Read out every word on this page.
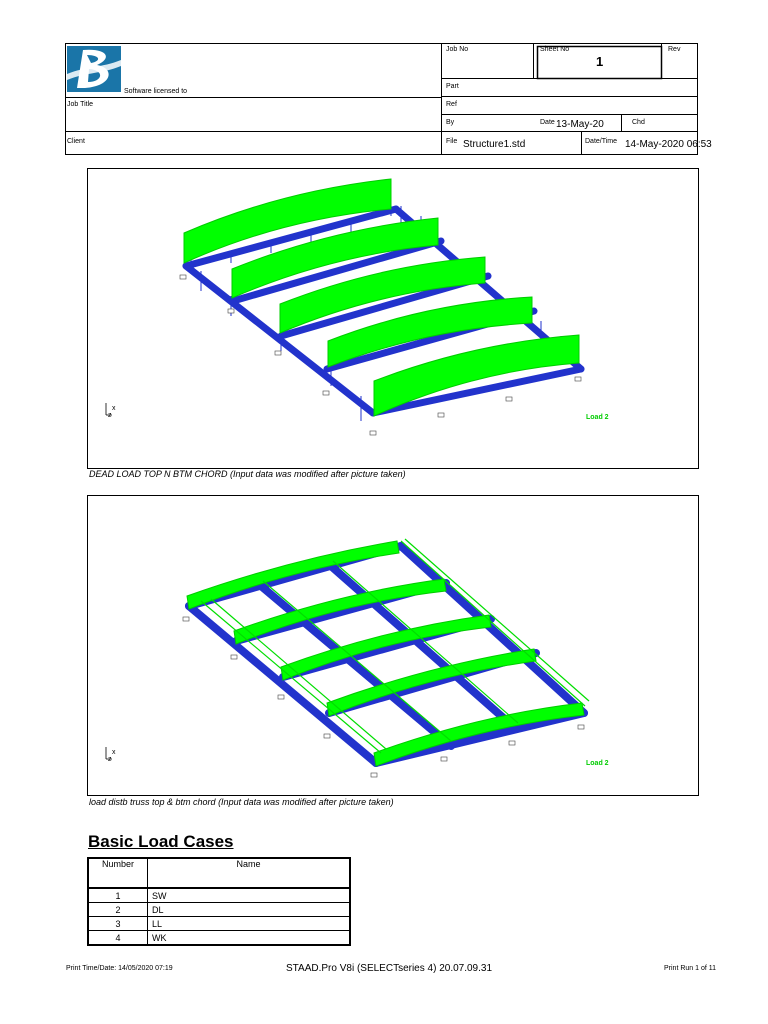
Software licensed to
Job No	Sheet No
1
Rev
Part
Job Title	Ref
By	Date 13-May-20	Chd
Client	File Structure1.std	Date/Time 14-May-2020 06:53
x
z	Load 2
DEAD LOAD TOP N BTM CHORD (Input data was modified after picture taken)
x
z
Load 2
load distb truss top & btm chord (Input data was modified after picture taken)
Basic Load Cases
Number	Name
1	SW
2	DL
3	LL
4	WK
Print Time/Date: 14/05/2020 07:19	STAAD.Pro V8i (SELECTseries 4) 20.07.09.31	Print Run 1 of 11
